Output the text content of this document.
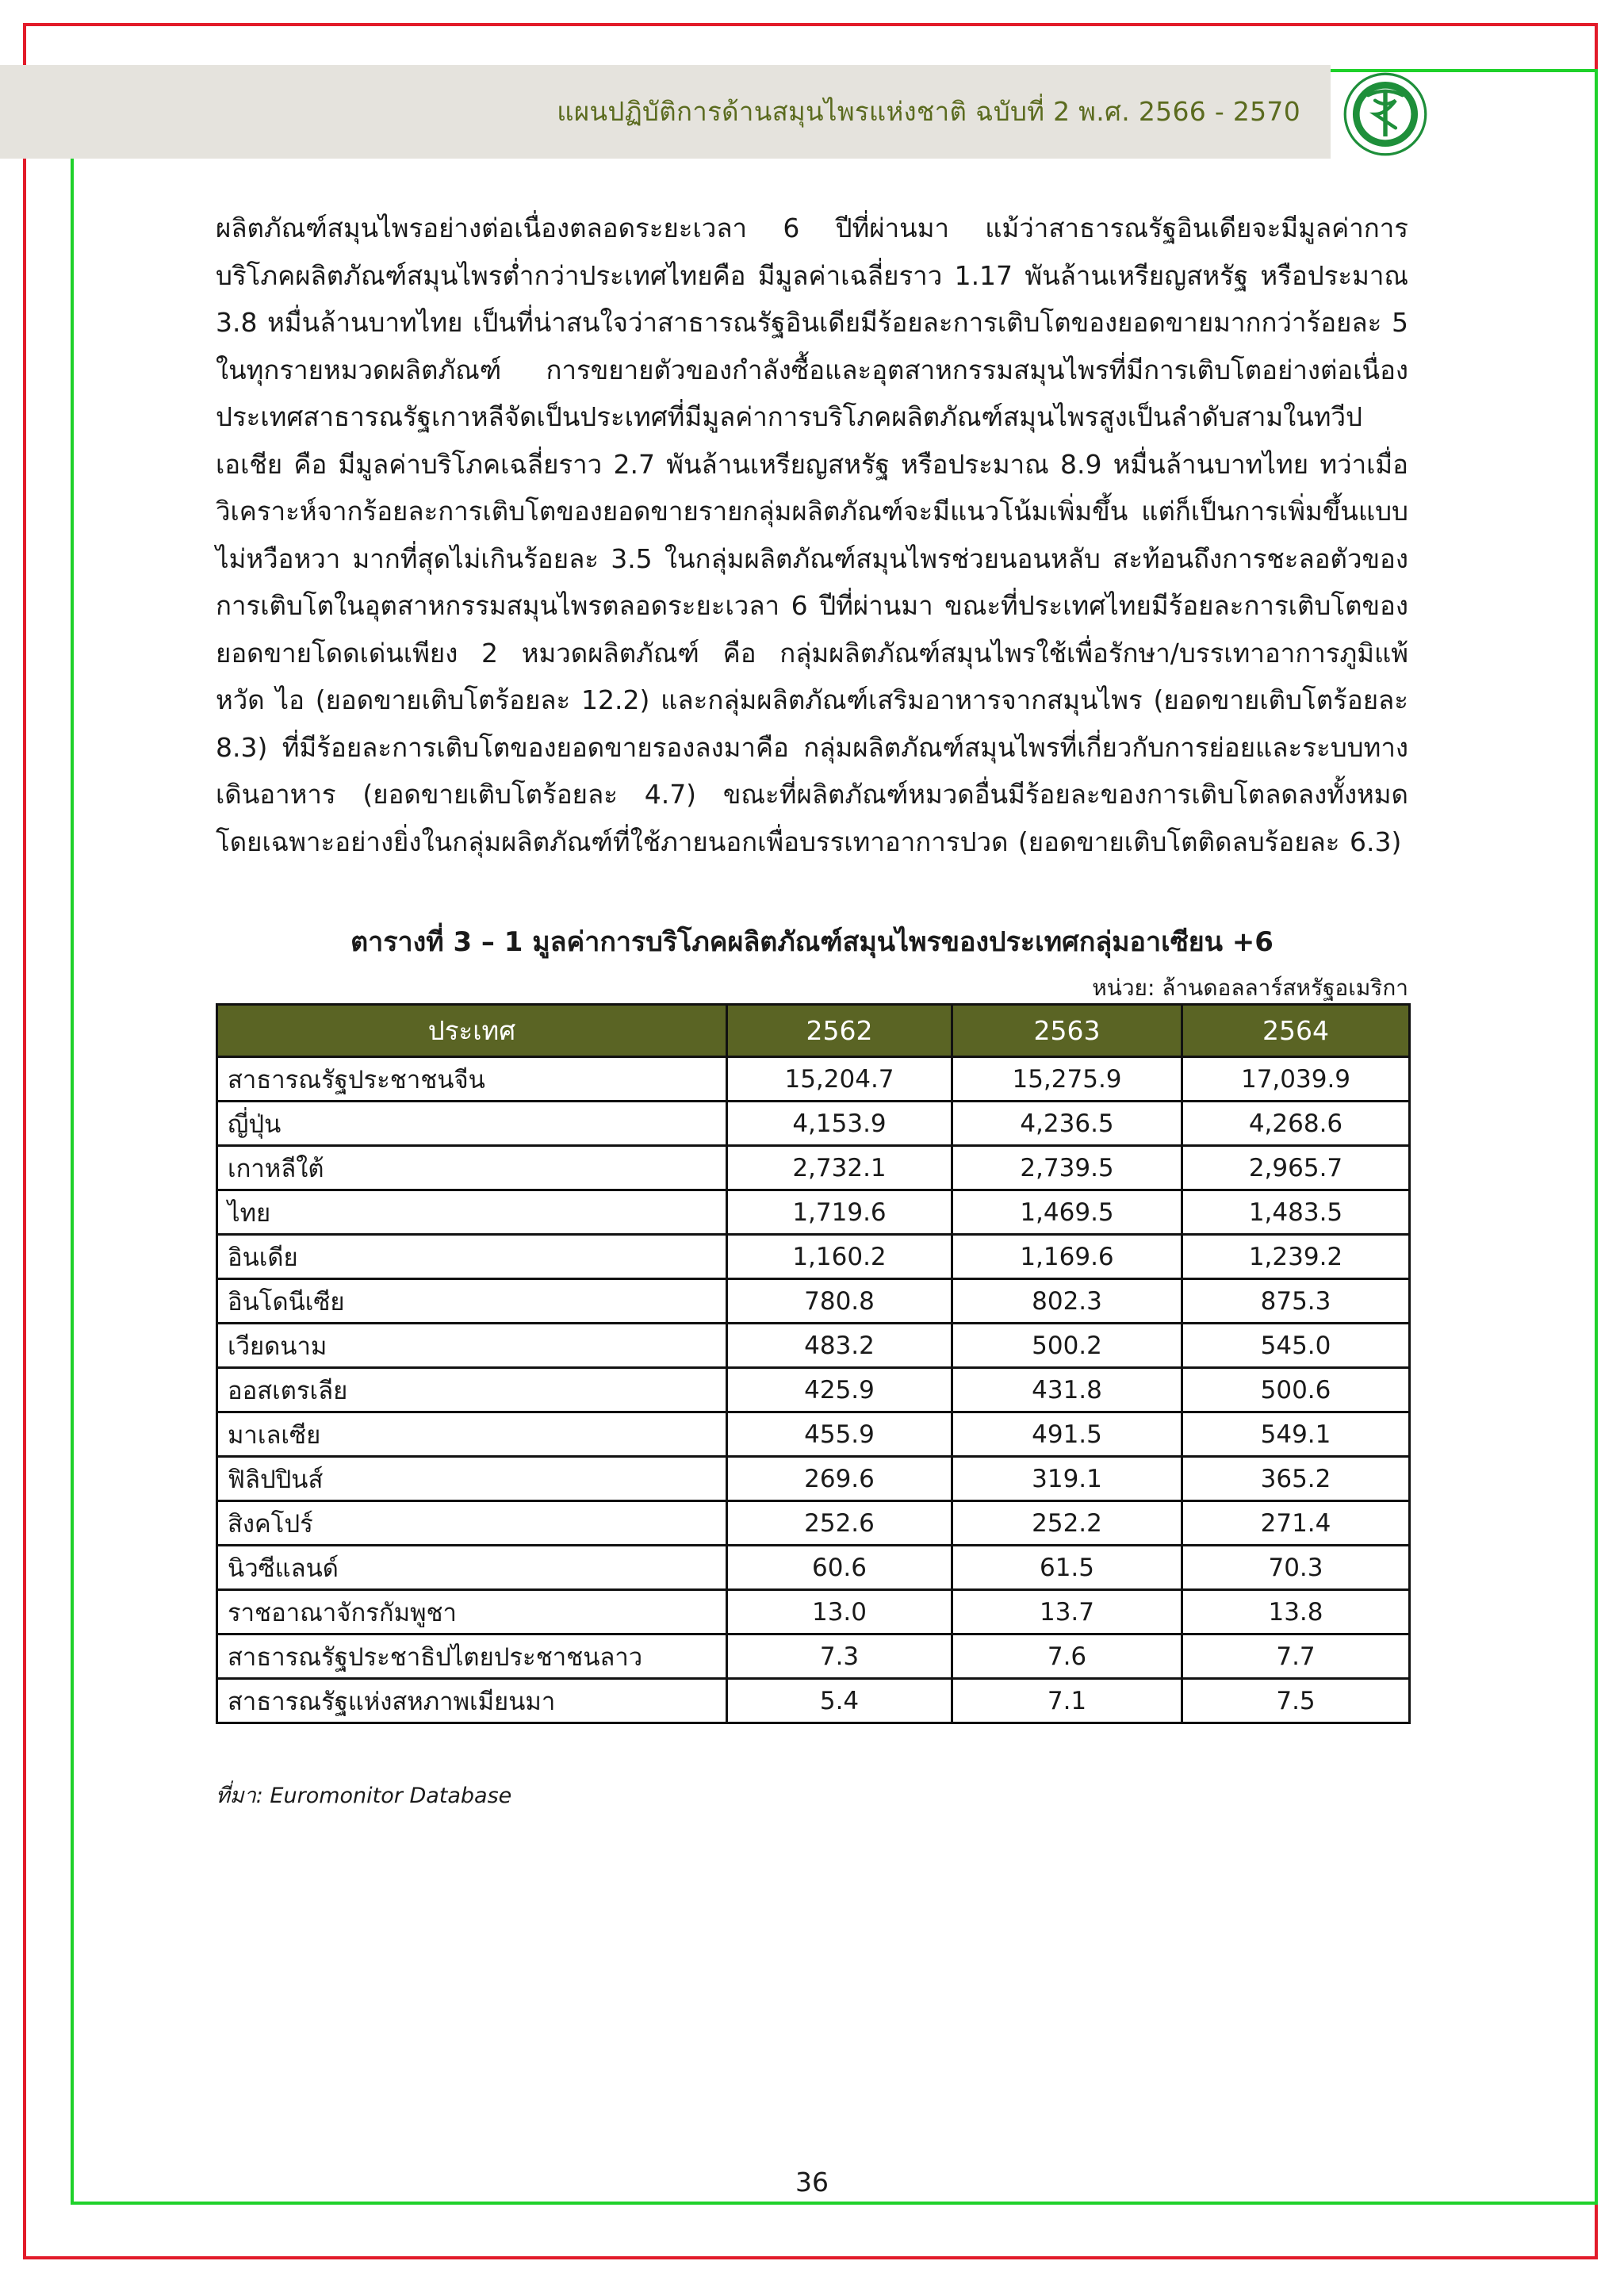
แผนปฏิบัติการด้านสมุนไพรแห่งชาติ ฉบับที่ 2 พ.ศ. 2566 - 2570

ผลิตภัณฑ์สมุนไพรอย่างต่อเนื่องตลอดระยะเวลา 6 ปีที่ผ่านมา แม้ว่าสาธารณรัฐอินเดียจะมีมูลค่าการบริโภคผลิตภัณฑ์สมุนไพรต่ำกว่าประเทศไทยคือ มีมูลค่าเฉลี่ยราว 1.17 พันล้านเหรียญสหรัฐ หรือประมาณ 3.8 หมื่นล้านบาทไทย เป็นที่น่าสนใจว่าสาธารณรัฐอินเดียมีร้อยละการเติบโตของยอดขายมากกว่าร้อยละ 5 ในทุกรายหมวดผลิตภัณฑ์ การขยายตัวของกำลังซื้อและอุตสาหกรรมสมุนไพรที่มีการเติบโตอย่างต่อเนื่อง ประเทศสาธารณรัฐเกาหลีจัดเป็นประเทศที่มีมูลค่าการบริโภคผลิตภัณฑ์สมุนไพรสูงเป็นลำดับสามในทวีปเอเชีย คือ มีมูลค่าบริโภคเฉลี่ยราว 2.7 พันล้านเหรียญสหรัฐ หรือประมาณ 8.9 หมื่นล้านบาทไทย ทว่าเมื่อวิเคราะห์จากร้อยละการเติบโตของยอดขายรายกลุ่มผลิตภัณฑ์จะมีแนวโน้มเพิ่มขึ้น แต่ก็เป็นการเพิ่มขึ้นแบบไม่หวือหวา มากที่สุดไม่เกินร้อยละ 3.5 ในกลุ่มผลิตภัณฑ์สมุนไพรช่วยนอนหลับ สะท้อนถึงการชะลอตัวของการเติบโตในอุตสาหกรรมสมุนไพรตลอดระยะเวลา 6 ปีที่ผ่านมา ขณะที่ประเทศไทยมีร้อยละการเติบโตของยอดขายโดดเด่นเพียง 2 หมวดผลิตภัณฑ์ คือ กลุ่มผลิตภัณฑ์สมุนไพรใช้เพื่อรักษา/บรรเทาอาการภูมิแพ้ หวัด ไอ (ยอดขายเติบโตร้อยละ 12.2) และกลุ่มผลิตภัณฑ์เสริมอาหารจากสมุนไพร (ยอดขายเติบโตร้อยละ 8.3) ที่มีร้อยละการเติบโตของยอดขายรองลงมาคือ กลุ่มผลิตภัณฑ์สมุนไพรที่เกี่ยวกับการย่อยและระบบทางเดินอาหาร (ยอดขายเติบโตร้อยละ 4.7) ขณะที่ผลิตภัณฑ์หมวดอื่นมีร้อยละของการเติบโตลดลงทั้งหมด โดยเฉพาะอย่างยิ่งในกลุ่มผลิตภัณฑ์ที่ใช้ภายนอกเพื่อบรรเทาอาการปวด (ยอดขายเติบโตติดลบร้อยละ 6.3)

ตารางที่ 3 – 1 มูลค่าการบริโภคผลิตภัณฑ์สมุนไพรของประเทศกลุ่มอาเซียน +6
หน่วย: ล้านดอลลาร์สหรัฐอเมริกา
ประเทศ	2562	2563	2564
สาธารณรัฐประชาชนจีน	15,204.7	15,275.9	17,039.9
ญี่ปุ่น	4,153.9	4,236.5	4,268.6
เกาหลีใต้	2,732.1	2,739.5	2,965.7
ไทย	1,719.6	1,469.5	1,483.5
อินเดีย	1,160.2	1,169.6	1,239.2
อินโดนีเซีย	780.8	802.3	875.3
เวียดนาม	483.2	500.2	545.0
ออสเตรเลีย	425.9	431.8	500.6
มาเลเซีย	455.9	491.5	549.1
ฟิลิปปินส์	269.6	319.1	365.2
สิงคโปร์	252.6	252.2	271.4
นิวซีแลนด์	60.6	61.5	70.3
ราชอาณาจักรกัมพูชา	13.0	13.7	13.8
สาธารณรัฐประชาธิปไตยประชาชนลาว	7.3	7.6	7.7
สาธารณรัฐแห่งสหภาพเมียนมา	5.4	7.1	7.5
ที่มา: Euromonitor Database
36
